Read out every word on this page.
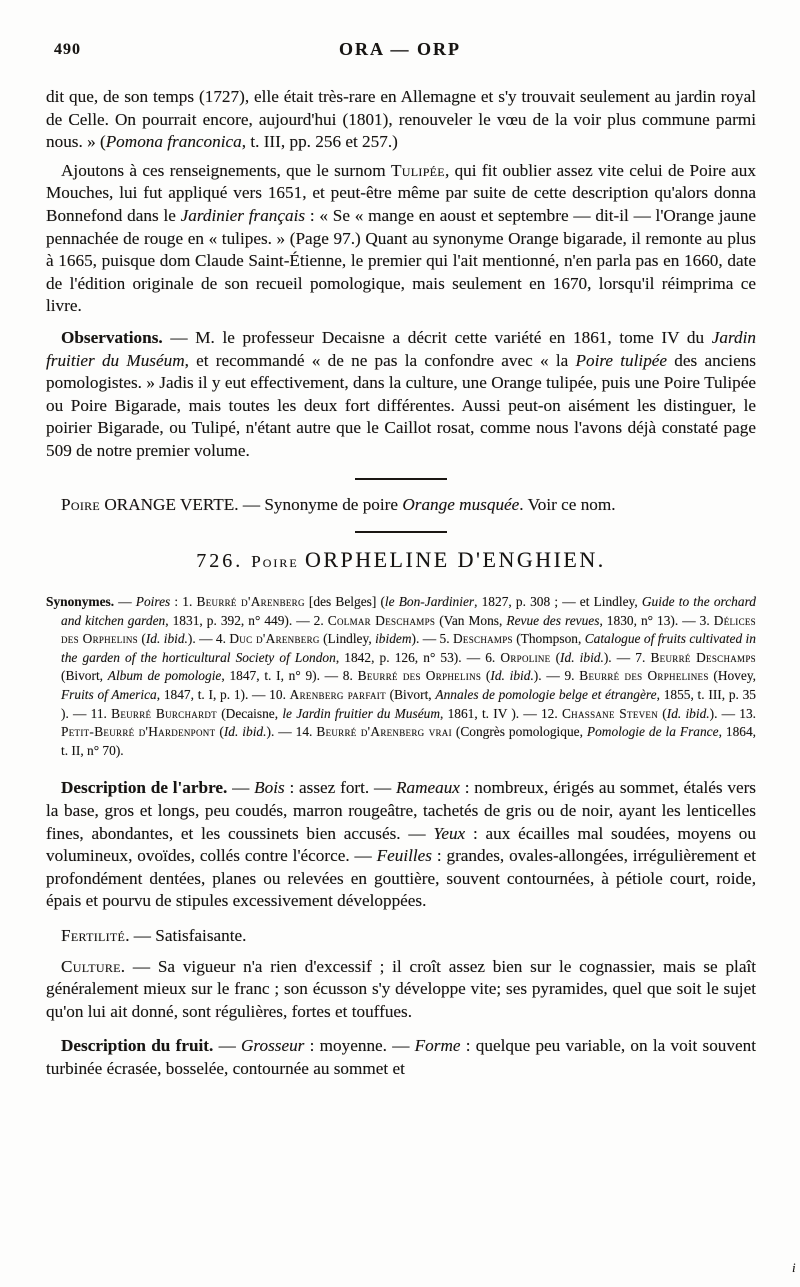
490	ORA — ORP

dit que, de son temps (1727), elle était très-rare en Allemagne et s'y trouvait seulement au jardin royal de Celle. On pourrait encore, aujourd'hui (1801), renouveler le vœu de la voir plus commune parmi nous. » (Pomona franconica, t. III, pp. 256 et 257.)

Ajoutons à ces renseignements, que le surnom Tulipée, qui fit oublier assez vite celui de Poire aux Mouches, lui fut appliqué vers 1651, et peut-être même par suite de cette description qu'alors donna Bonnefond dans le Jardinier français : « Se « mange en aoust et septembre — dit-il — l'Orange jaune pennachée de rouge en « tulipes. » (Page 97.) Quant au synonyme Orange bigarade, il remonte au plus à 1665, puisque dom Claude Saint-Étienne, le premier qui l'ait mentionné, n'en parla pas en 1660, date de l'édition originale de son recueil pomologique, mais seulement en 1670, lorsqu'il réimprima ce livre.

Observations. — M. le professeur Decaisne a décrit cette variété en 1861, tome IV du Jardin fruitier du Muséum, et recommandé « de ne pas la confondre avec « la Poire tulipée des anciens pomologistes. » Jadis il y eut effectivement, dans la culture, une Orange tulipée, puis une Poire Tulipée ou Poire Bigarade, mais toutes les deux fort différentes. Aussi peut-on aisément les distinguer, le poirier Bigarade, ou Tulipé, n'étant autre que le Caillot rosat, comme nous l'avons déjà constaté page 509 de notre premier volume.

Poire ORANGE VERTE. — Synonyme de poire Orange musquée. Voir ce nom.

726. Poire ORPHELINE D'ENGHIEN.

Synonymes. — Poires : 1. Beurré d'Arenberg [des Belges] (le Bon-Jardinier, 1827, p. 308 ; — et Lindley, Guide to the orchard and kitchen garden, 1831, p. 392, n° 449). — 2. Colmar Deschamps (Van Mons, Revue des revues, 1830, n° 13). — 3. Délices des Orphelins (Id. ibid.). — 4. Duc d'Arenberg (Lindley, ibidem). — 5. Deschamps (Thompson, Catalogue of fruits cultivated in the garden of the horticultural Society of London, 1842, p. 126, n° 53). — 6. Orpoline (Id. ibid.). — 7. Beurré Deschamps (Bivort, Album de pomologie, 1847, t. I, n° 9). — 8. Beurré des Orphelins (Id. ibid.). — 9. Beurré des Orphelines (Hovey, Fruits of America, 1847, t. I, p. 1). — 10. Arenberg parfait (Bivort, Annales de pomologie belge et étrangère, 1855, t. III, p. 35 ). — 11. Beurré Burchardt (Decaisne, le Jardin fruitier du Muséum, 1861, t. IV ). — 12. Chassane Steven (Id. ibid.). — 13. Petit-Beurré d'Hardenpont (Id. ibid.). — 14. Beurré d'Arenberg vrai (Congrès pomologique, Pomologie de la France, 1864, t. II, n° 70).

Description de l'arbre. — Bois : assez fort. — Rameaux : nombreux, érigés au sommet, étalés vers la base, gros et longs, peu coudés, marron rougeâtre, tachetés de gris ou de noir, ayant les lenticelles fines, abondantes, et les coussinets bien accusés. — Yeux : aux écailles mal soudées, moyens ou volumineux, ovoïdes, collés contre l'écorce. — Feuilles : grandes, ovales-allongées, irrégulièrement et profondément dentées, planes ou relevées en gouttière, souvent contournées, à pétiole court, roide, épais et pourvu de stipules excessivement développées.

Fertilité. — Satisfaisante.

Culture. — Sa vigueur n'a rien d'excessif ; il croît assez bien sur le cognassier, mais se plaît généralement mieux sur le franc ; son écusson s'y développe vite; ses pyramides, quel que soit le sujet qu'on lui ait donné, sont régulières, fortes et touffues.

Description du fruit. — Grosseur : moyenne. — Forme : quelque peu variable, on la voit souvent turbinée écrasée, bosselée, contournée au sommet et

i
